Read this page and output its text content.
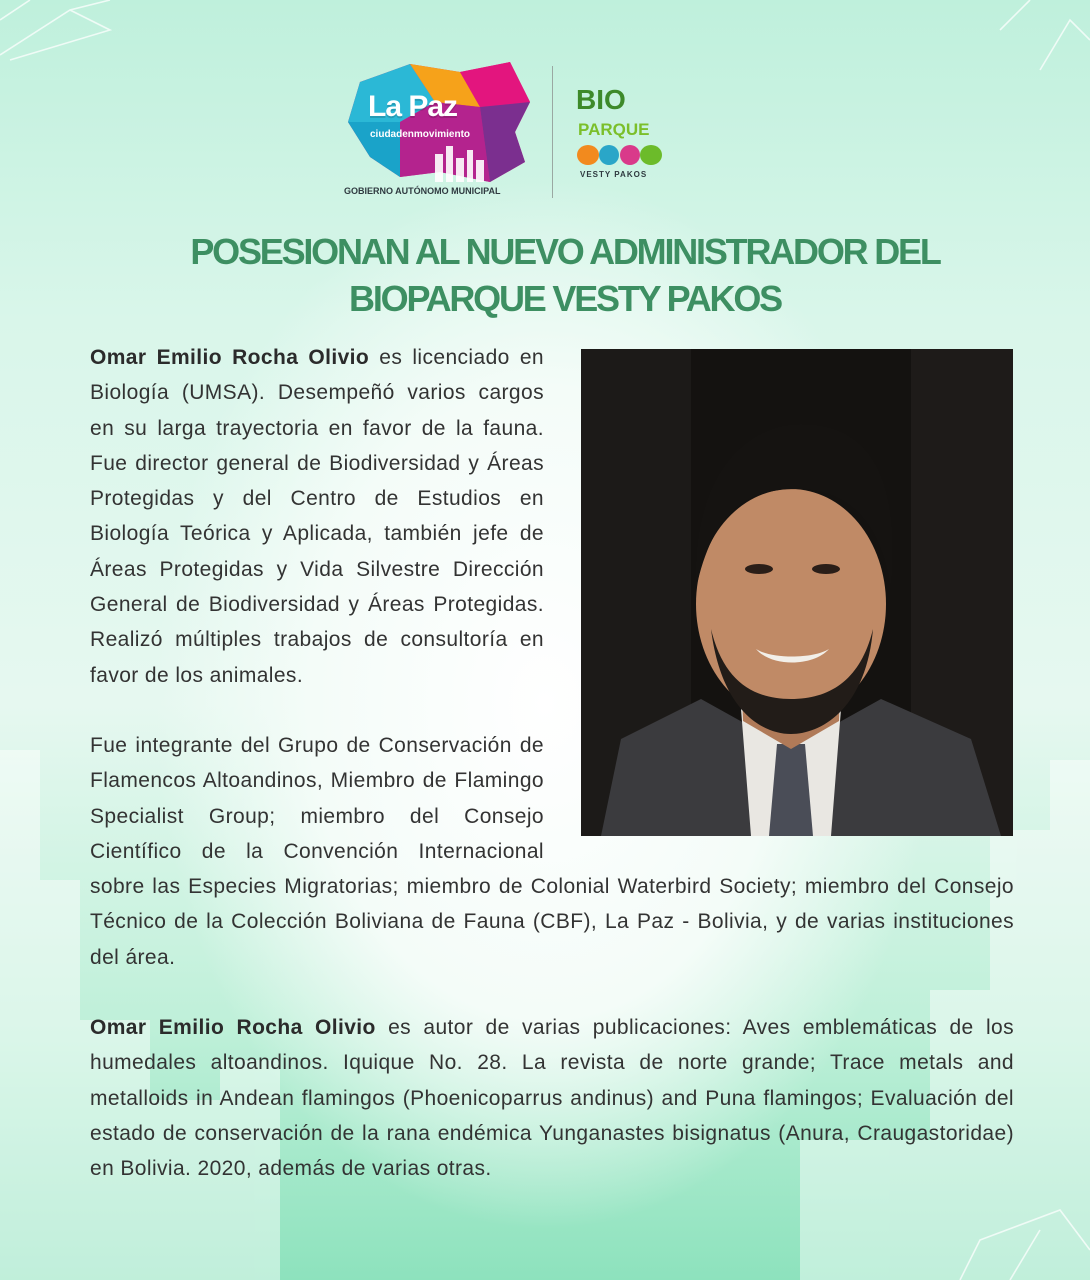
La Paz
ciudadenmovimiento
GOBIERNO AUTÓNOMO MUNICIPAL
BIO
PARQUE
VESTY PAKOS
POSESIONAN AL NUEVO ADMINISTRADOR DEL
BIOPARQUE VESTY PAKOS

Omar Emilio Rocha Olivio es licenciado en Biología (UMSA). Desempeñó varios cargos en su larga trayectoria en favor de la fauna. Fue director general de Biodiversidad y Áreas Protegidas y del Centro de Estudios en Biología Teórica y Aplicada, también jefe de Áreas Protegidas y Vida Silvestre Dirección General de Biodiversidad y Áreas Protegidas. Realizó múltiples trabajos de consultoría en favor de los animales.

Fue integrante del Grupo de Conservación de Flamencos Altoandinos, Miembro de Flamingo Specialist Group; miembro del Consejo Científico de la Convención Internacional sobre las Especies Migratorias; miembro de Colonial Waterbird Society; miembro del Consejo Técnico de la Colección Boliviana de Fauna (CBF), La Paz - Bolivia, y de varias instituciones del área.

Omar Emilio Rocha Olivio es autor de varias publicaciones: Aves emblemáticas de los humedales altoandinos. Iquique No. 28. La revista de norte grande; Trace metals and metalloids in Andean flamingos (Phoenicoparrus andinus) and Puna flamingos; Evaluación del estado de conservación de la rana endémica Yunganastes bisignatus (Anura, Craugastoridae) en Bolivia. 2020, además de varias otras.
